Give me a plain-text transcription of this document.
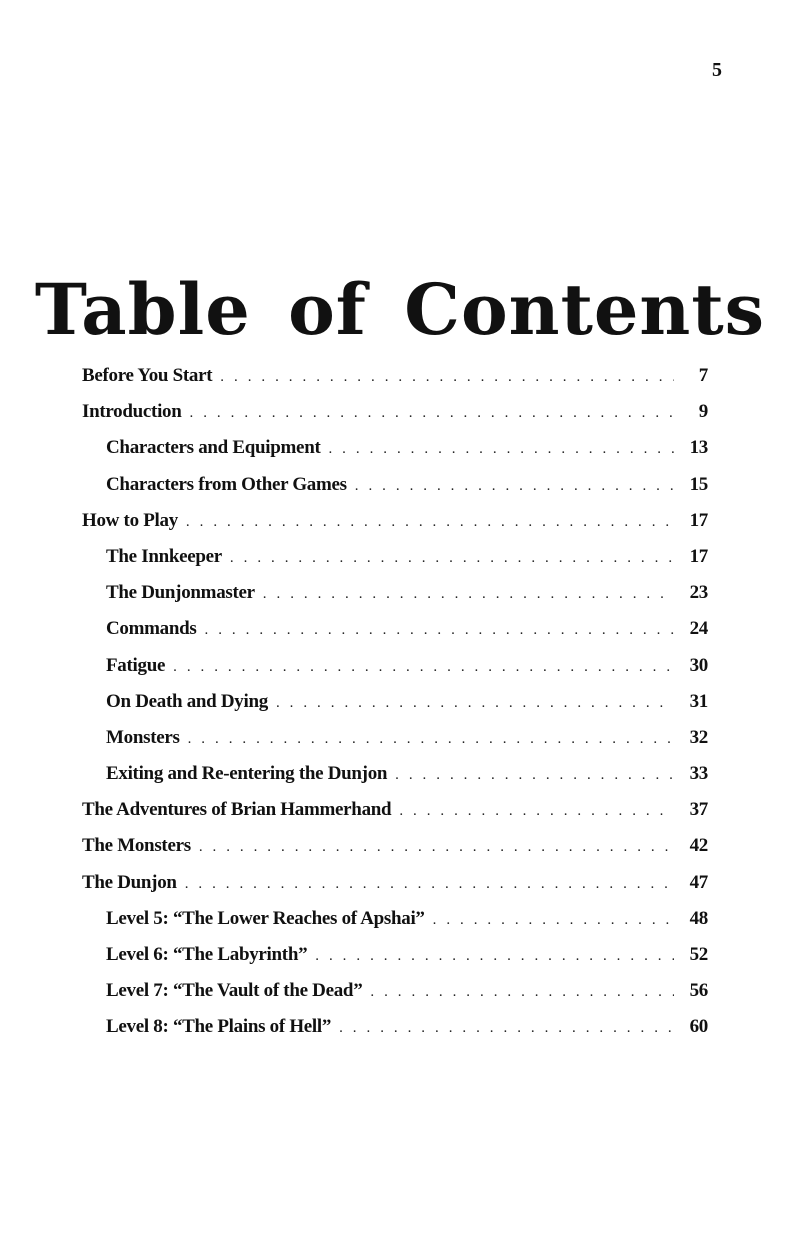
5
Table of Contents
Before You Start . . .	7
Introduction . . .	9
Characters and Equipment . . .	13
Characters from Other Games . . .	15
How to Play . . .	17
The Innkeeper . . .	17
The Dunjonmaster . . .	23
Commands . . .	24
Fatigue . . .	30
On Death and Dying . . .	31
Monsters . . .	32
Exiting and Re-entering the Dunjon . . .	33
The Adventures of Brian Hammerhand . . .	37
The Monsters . . .	42
The Dunjon . . .	47
Level 5: “The Lower Reaches of Apshai” . . .	48
Level 6: “The Labyrinth” . . .	52
Level 7: “The Vault of the Dead” . . .	56
Level 8: “The Plains of Hell” . . .	60
